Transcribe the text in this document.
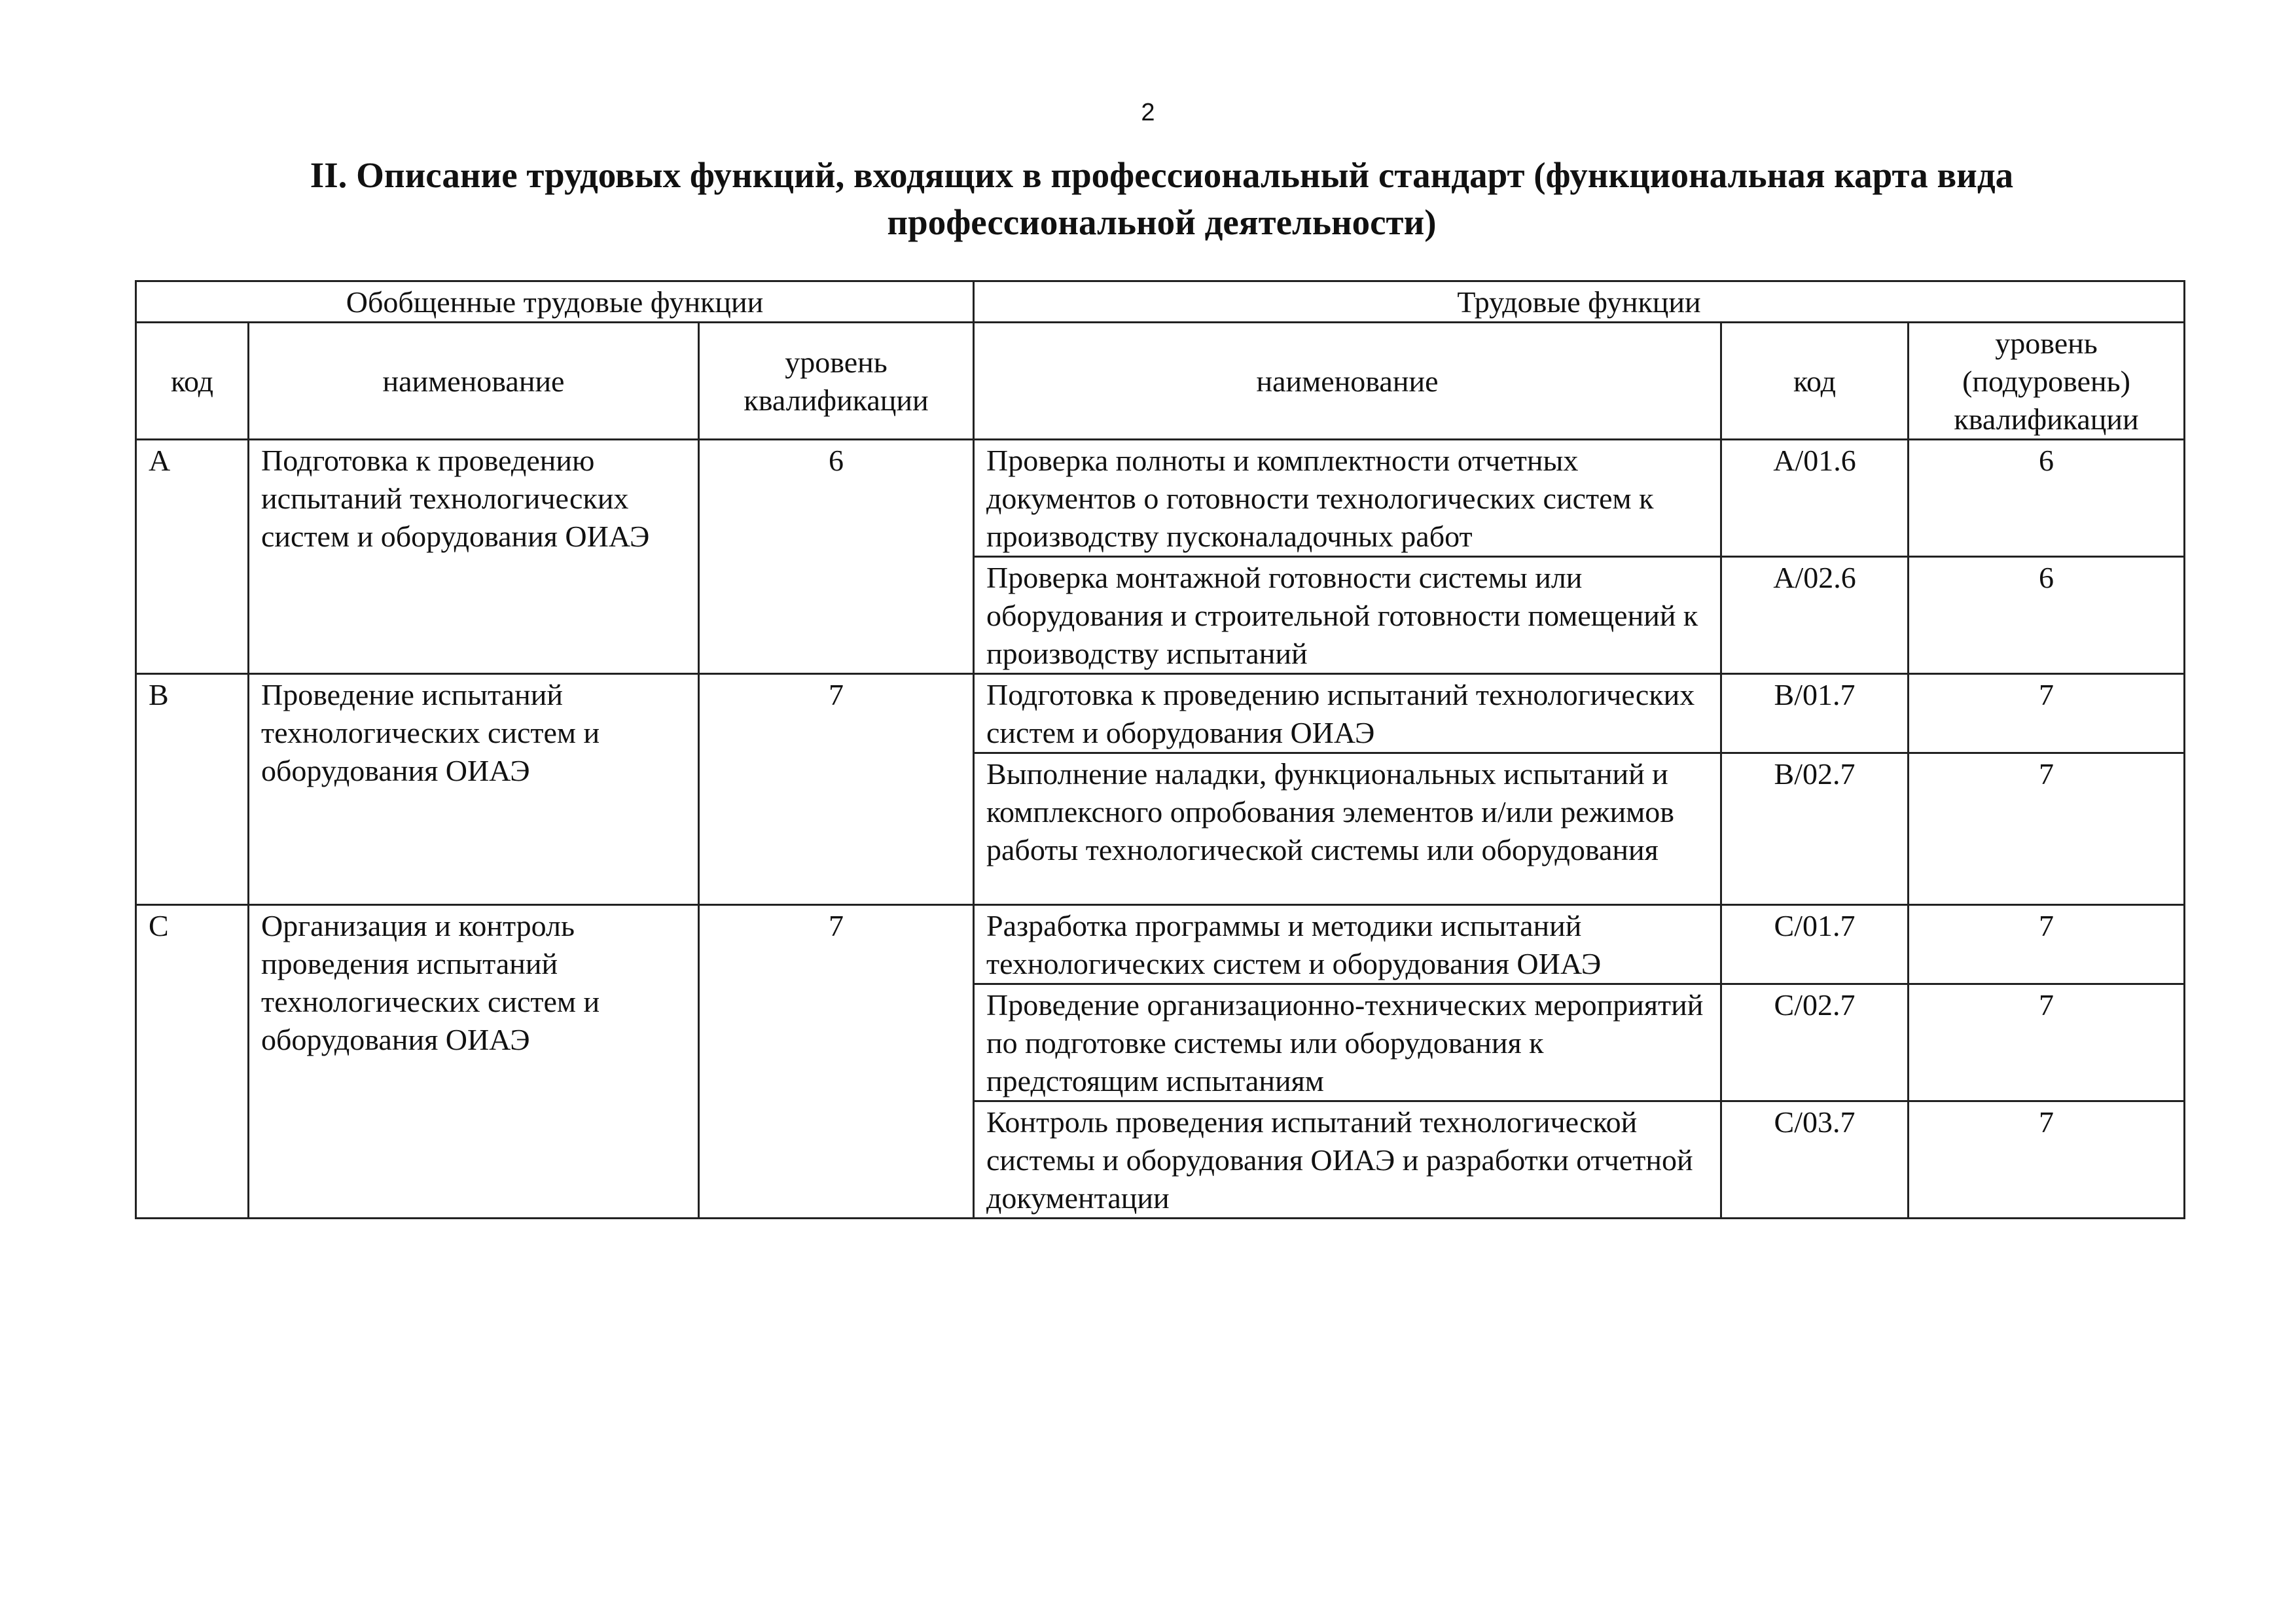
2
II. Описание трудовых функций, входящих в профессиональный стандарт (функциональная карта вида профессиональной деятельности)
Обобщенные трудовые функции			Трудовые функции		
код	наименование	уровень квалификации	наименование	код	уровень (подуровень) квалификации
A	Подготовка к проведению испытаний технологических систем и оборудования ОИАЭ	6	Проверка полноты и комплектности отчетных документов о готовности технологических систем к производству пусконаладочных работ	A/01.6	6
			Проверка монтажной готовности системы или оборудования и строительной готовности помещений к производству испытаний	A/02.6	6
B	Проведение испытаний технологических систем и оборудования ОИАЭ	7	Подготовка к проведению испытаний технологических систем и оборудования ОИАЭ	B/01.7	7
			Выполнение наладки, функциональных испытаний и комплексного опробования элементов и/или режимов работы технологической системы или оборудования	B/02.7	7
C	Организация и контроль проведения испытаний технологических систем и оборудования ОИАЭ	7	Разработка программы и методики испытаний технологических систем и оборудования ОИАЭ	C/01.7	7
			Проведение организационно-технических мероприятий по подготовке системы или оборудования к предстоящим испытаниям	C/02.7	7
			Контроль проведения испытаний технологической системы и оборудования ОИАЭ и разработки отчетной документации	C/03.7	7
